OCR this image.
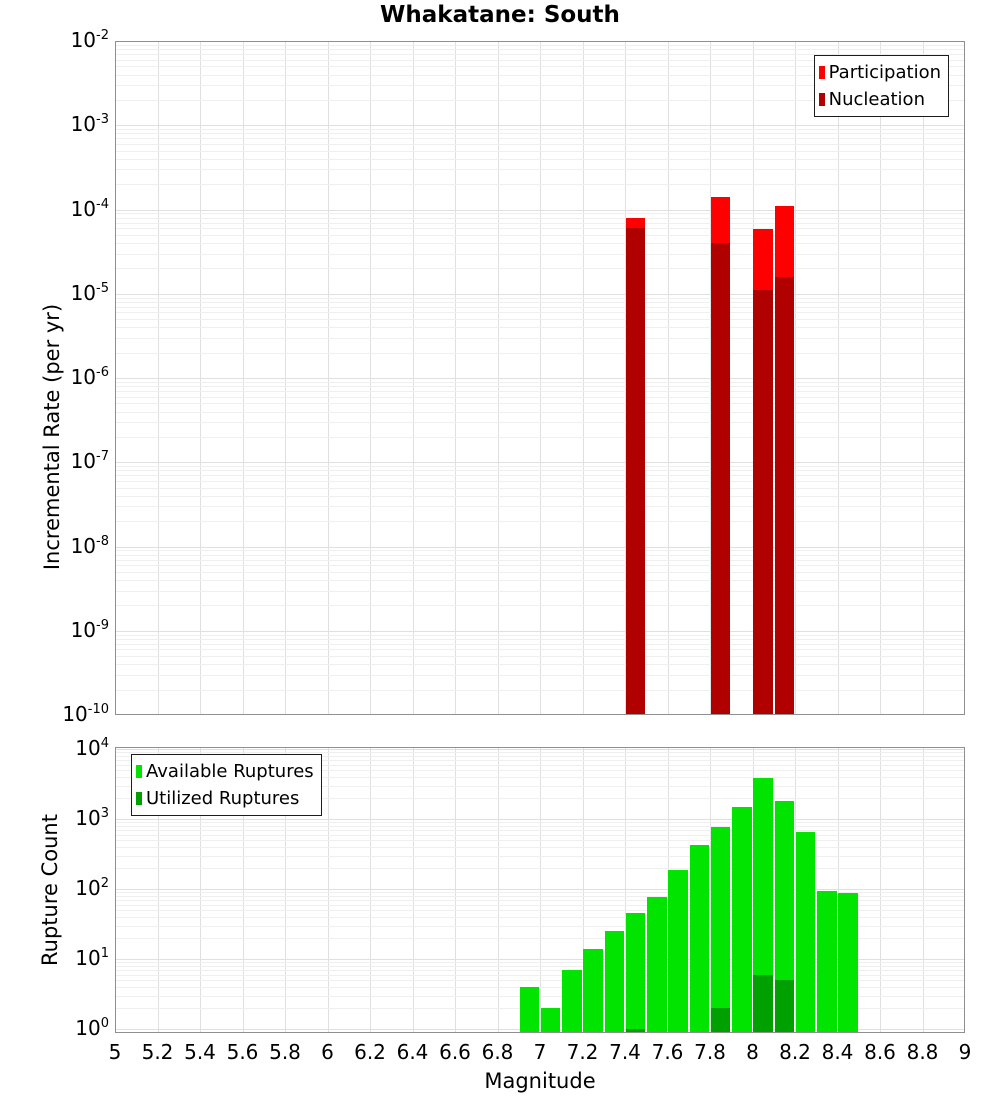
Whakatane: South
Incremental Rate (per yr)
Rupture Count
Participation
Nucleation
Available Ruptures
Utilized Ruptures
$10^{-2}$
$10^{-3}$
$10^{-4}$
$10^{-5}$
$10^{-6}$
$10^{-7}$
$10^{-8}$
$10^{-9}$
$10^{-10}$
$10^4$
$10^3$
$10^2$
$10^1$
$10^0$
5	5.2 5.4 5.6 5.8	6	6.2 6.4 6.6 6.8	7	7.2 7.4 7.6 7.8	8	8.2 8.4 8.6 8.8	9
Magnitude
